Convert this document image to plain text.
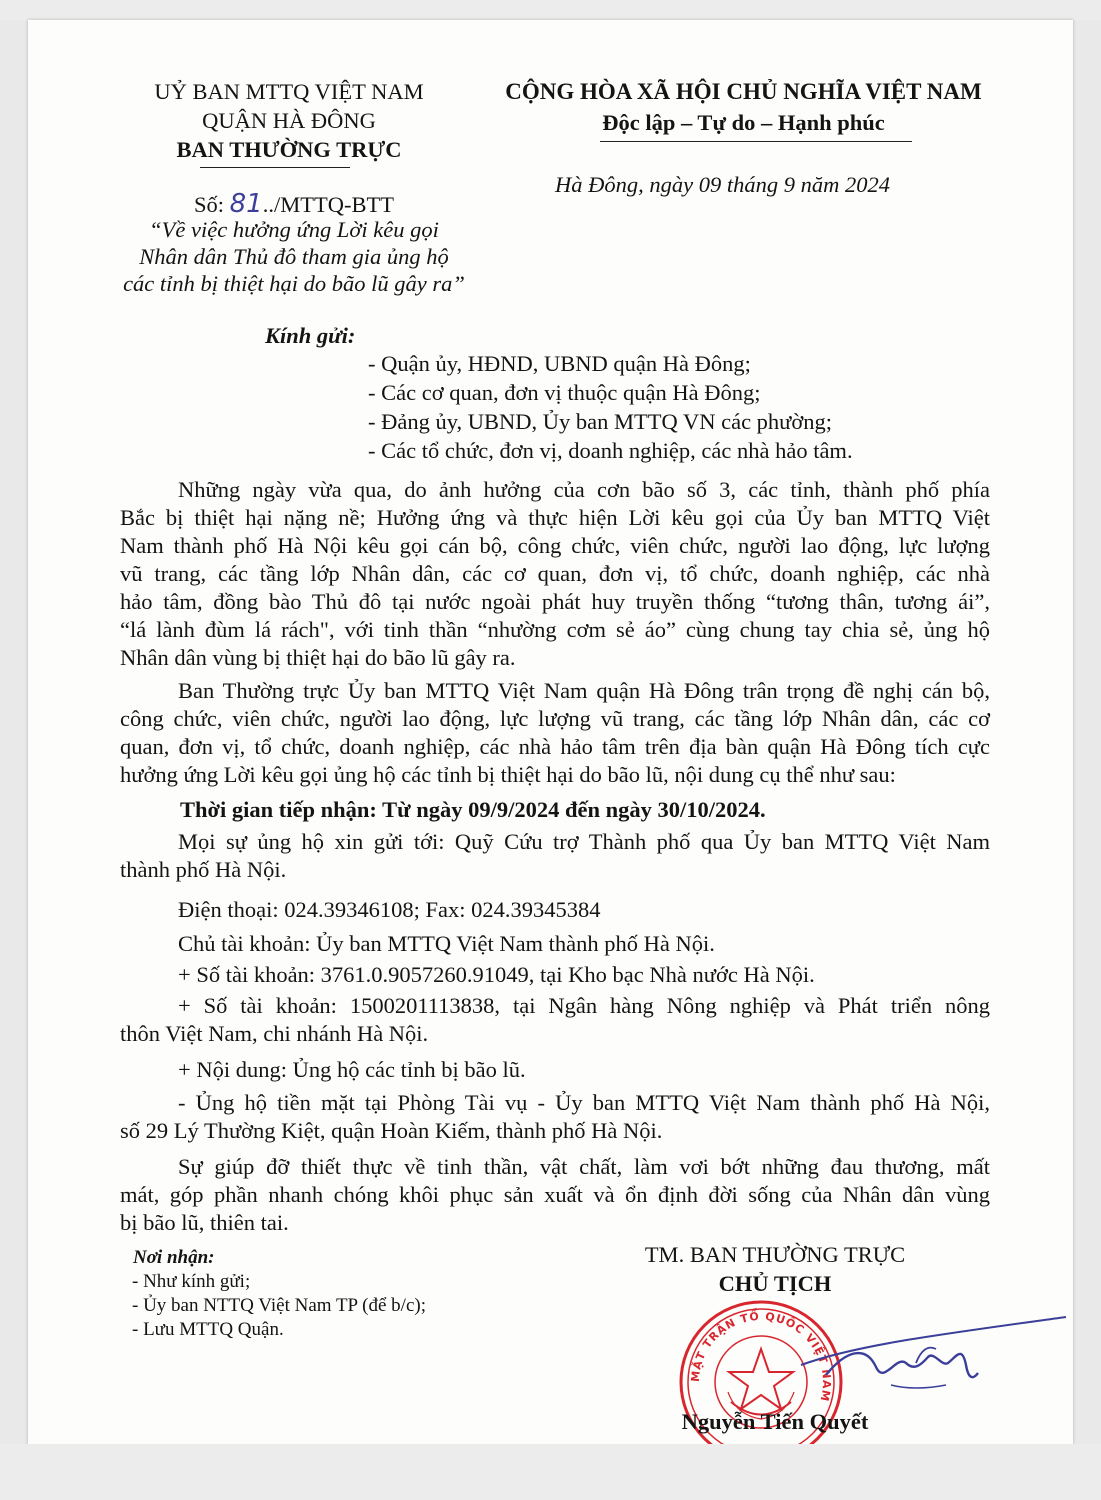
UỶ BAN MTTQ VIỆT NAM
QUẬN HÀ ĐÔNG
BAN THƯỜNG TRỰC
CỘNG HÒA XÃ HỘI CHỦ NGHĨA VIỆT NAM
Độc lập – Tự do – Hạnh phúc
Số: 81../MTTQ-BTT
Hà Đông, ngày 09 tháng 9 năm 2024
“Về việc hưởng ứng Lời kêu gọi
Nhân dân Thủ đô tham gia ủng hộ
các tỉnh bị thiệt hại do bão lũ gây ra”
Kính gửi:
- Quận ủy, HĐND, UBND quận Hà Đông;
- Các cơ quan, đơn vị thuộc quận Hà Đông;
- Đảng ủy, UBND, Ủy ban MTTQ VN các phường;
- Các tổ chức, đơn vị, doanh nghiệp, các nhà hảo tâm.
Những ngày vừa qua, do ảnh hưởng của cơn bão số 3, các tỉnh, thành phố phía
Bắc bị thiệt hại nặng nề; Hưởng ứng và thực hiện Lời kêu gọi của Ủy ban MTTQ Việt
Nam thành phố Hà Nội kêu gọi cán bộ, công chức, viên chức, người lao động, lực lượng
vũ trang, các tầng lớp Nhân dân, các cơ quan, đơn vị, tổ chức, doanh nghiệp, các nhà
hảo tâm, đồng bào Thủ đô tại nước ngoài phát huy truyền thống “tương thân, tương ái”,
“lá lành đùm lá rách", với tinh thần “nhường cơm sẻ áo” cùng chung tay chia sẻ, ủng hộ
Nhân dân vùng bị thiệt hại do bão lũ gây ra.
Ban Thường trực Ủy ban MTTQ Việt Nam quận Hà Đông trân trọng đề nghị cán bộ,
công chức, viên chức, người lao động, lực lượng vũ trang, các tầng lớp Nhân dân, các cơ
quan, đơn vị, tổ chức, doanh nghiệp, các nhà hảo tâm trên địa bàn quận Hà Đông tích cực
hưởng ứng Lời kêu gọi ủng hộ các tỉnh bị thiệt hại do bão lũ, nội dung cụ thể như sau:
Thời gian tiếp nhận: Từ ngày 09/9/2024 đến ngày 30/10/2024.
Mọi sự ủng hộ xin gửi tới: Quỹ Cứu trợ Thành phố qua Ủy ban MTTQ Việt Nam
thành phố Hà Nội.
Điện thoại: 024.39346108; Fax: 024.39345384
Chủ tài khoản: Ủy ban MTTQ Việt Nam thành phố Hà Nội.
+ Số tài khoản: 3761.0.9057260.91049, tại Kho bạc Nhà nước Hà Nội.
+ Số tài khoản: 1500201113838, tại Ngân hàng Nông nghiệp và Phát triển nông
thôn Việt Nam, chi nhánh Hà Nội.
+ Nội dung: Ủng hộ các tỉnh bị bão lũ.
- Ủng hộ tiền mặt tại Phòng Tài vụ - Ủy ban MTTQ Việt Nam thành phố Hà Nội,
số 29 Lý Thường Kiệt, quận Hoàn Kiếm, thành phố Hà Nội.
Sự giúp đỡ thiết thực về tinh thần, vật chất, làm vơi bớt những đau thương, mất
mát, góp phần nhanh chóng khôi phục sản xuất và ổn định đời sống của Nhân dân vùng
bị bão lũ, thiên tai.
Nơi nhận:
- Như kính gửi;
- Ủy ban NTTQ Việt Nam TP (để b/c);
- Lưu MTTQ Quận.
TM. BAN THƯỜNG TRỰC
CHỦ TỊCH
MẶT TRẬN TỔ QUỐC VIỆT NAM
Nguyễn Tiến Quyết
